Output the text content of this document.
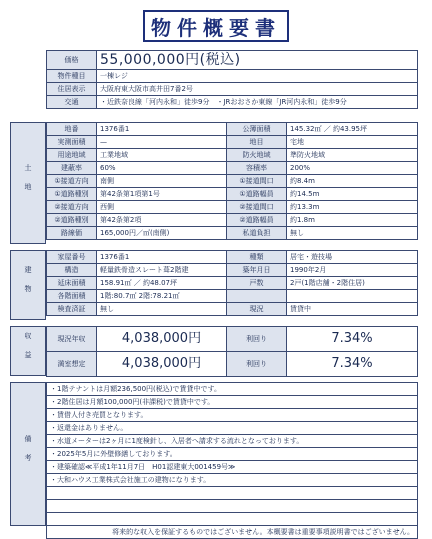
物件概要書
価格	55,000,000円(税込)
物件種目	一棟レジ
住居表示	大阪府東大阪市高井田7番2号
交通	・近鉄奈良線「河内永和」徒歩9分　・JRおおさか東線「JR河内永和」徒歩9分
土地
地番	1376番1	公簿面積	145.32㎡ ／ 約43.95坪
実測面積	—	地目	宅地
用途地域	工業地域	防火地域	準防火地域
建蔽率	60%	容積率	200%
①接道方向	南側	①接道間口	約8.4m
①道路種別	第42条第1項第1号	①道路幅員	約14.5m
②接道方向	西側	②接道間口	約13.3m
②道路種別	第42条第2項	②道路幅員	約1.8m
路線価	165,000円／㎡(南側)	私道負担	無し
建物
家屋番号	1376番1	種類	居宅・遊技場
構造	軽量鉄骨造スレート葺2階建	築年月日	1990年2月
延床面積	158.91㎡ ／ 約48.07坪	戸数	2戸(1階店舗・2階住居)
各階面積	1階:80.7㎡ 2階:78.21㎡		
検査済証	無し	現況	賃貸中
収益	現況年収	4,038,000円	利回り	7.34%
満室想定	4,038,000円	利回り	7.34%
備考
・1階テナントは月額236,500円(税込)で賃貸中です。
・2階住居は月額100,000円(非課税)で賃貸中です。
・賃借人付き売買となります。
・返還金はありません。
・水道メーターは2ヶ月に1度検針し、入居者へ請求する流れとなっております。
・2025年5月に外壁修繕しております。
・建築確認≪平成1年11月7日　H01認建東大001459号≫
・大和ハウス工業株式会社施工の建物になります。

将来的な収入を保証するものではございません。本概要書は重要事項説明書ではございません。
